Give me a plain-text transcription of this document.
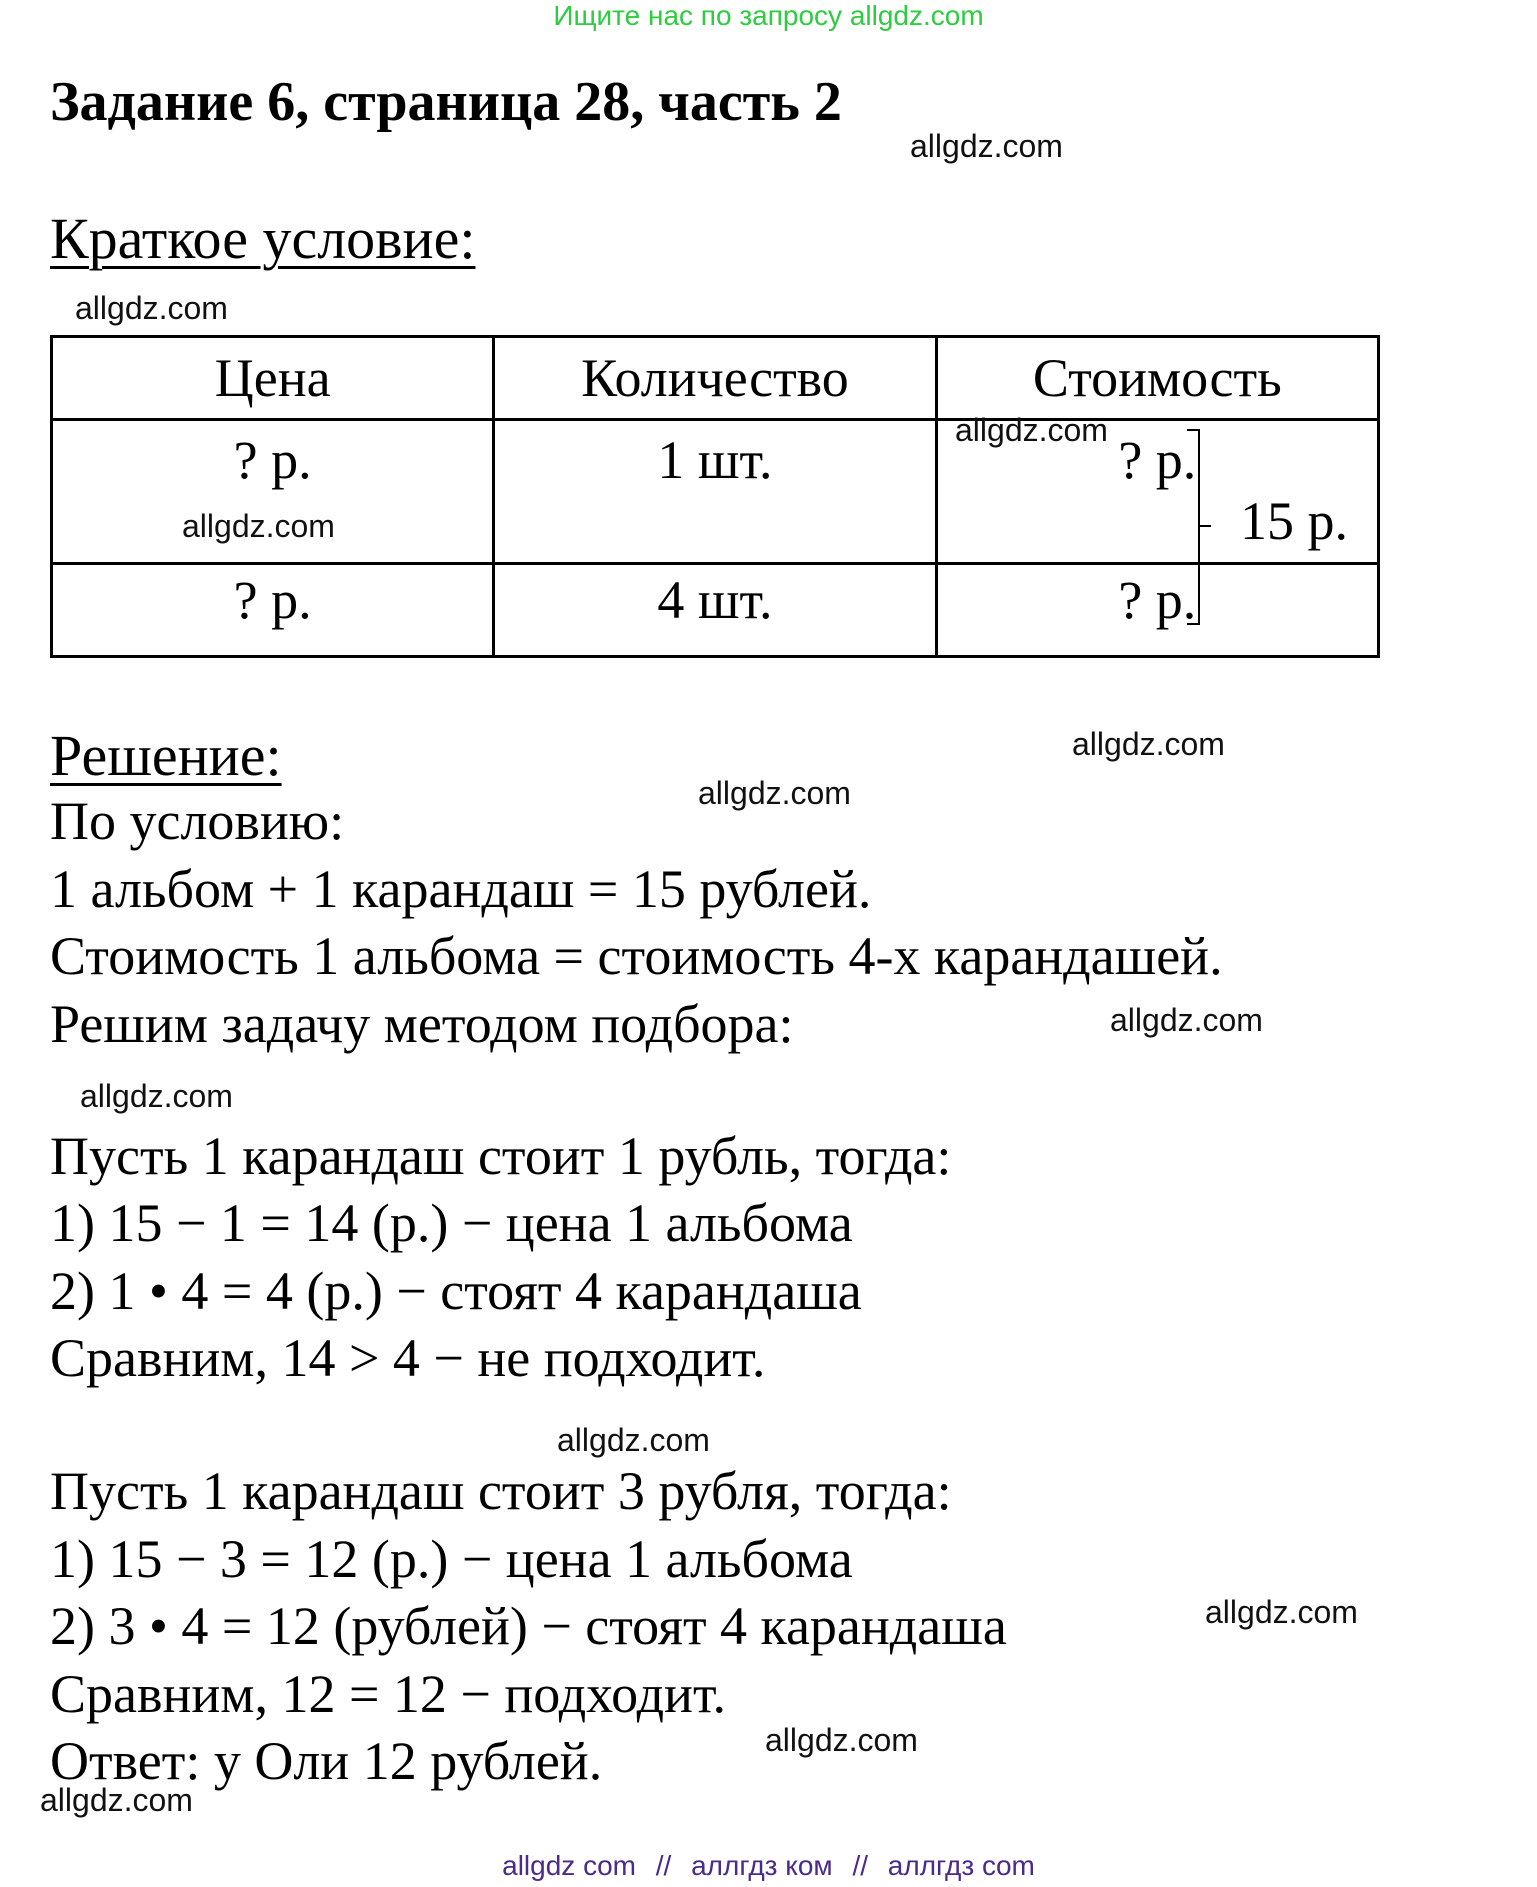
Ищите нас по запросу allgdz.com
Задание 6, страница 28, часть 2
allgdz.com
Краткое условие:
allgdz.com
Цена	Количество	Стоимость
? р.	1 шт.	? р.
? р.	4 шт.	? р.
15 р.
allgdz.com
allgdz.com
Решение:	allgdz.com
allgdz.com
По условию:
1 альбом + 1 карандаш = 15 рублей.
Стоимость 1 альбома = стоимость 4-х карандашей.
Решим задачу методом подбора:	allgdz.com
allgdz.com
Пусть 1 карандаш стоит 1 рубль, тогда:
1) 15 − 1 = 14 (р.) − цена 1 альбома
2) 1 • 4 = 4 (р.) − стоят 4 карандаша
Сравним, 14 > 4 − не подходит.
allgdz.com
Пусть 1 карандаш стоит 3 рубля, тогда:
1) 15 − 3 = 12 (р.) − цена 1 альбома
2) 3 • 4 = 12 (рублей) − стоят 4 карандаша	allgdz.com
Сравним, 12 = 12 − подходит.
Ответ: у Оли 12 рублей.	allgdz.com
allgdz.com
allgdz com // аллгдз ком // аллгдз com
